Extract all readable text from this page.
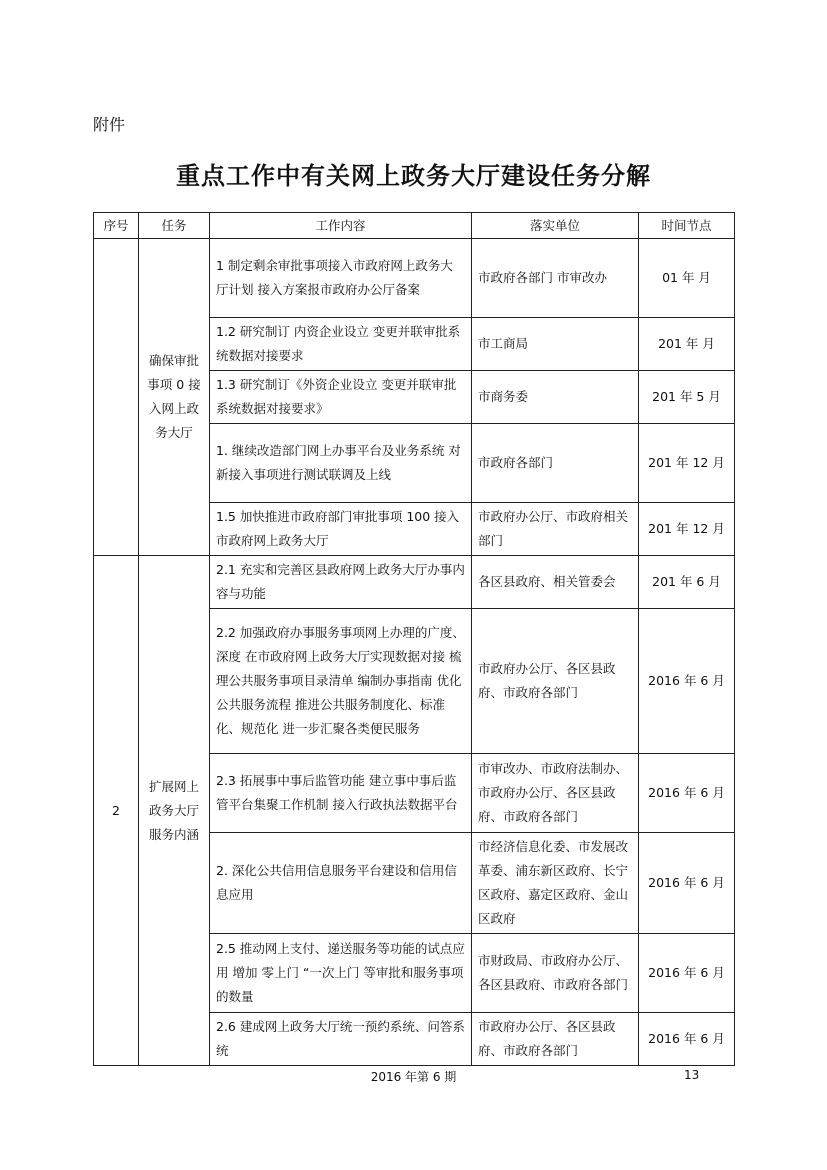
附件
重点工作中有关网上政务大厅建设任务分解
序号	任务	工作内容	落实单位	时间节点
	确保审批事项 0 接入网上政务大厅	1 制定剩余审批事项接入市政府网上政务大厅计划 接入方案报市政府办公厅备案	市政府各部门 市审改办	01 年 月
		1.2 研究制订 内资企业设立 变更并联审批系统数据对接要求	市工商局	201 年 月
		1.3 研究制订《外资企业设立 变更并联审批系统数据对接要求》	市商务委	201 年 5 月
		1. 继续改造部门网上办事平台及业务系统 对新接入事项进行测试联调及上线	市政府各部门	201 年 12 月
		1.5 加快推进市政府部门审批事项 100 接入市政府网上政务大厅	市政府办公厅、市政府相关部门	201 年 12 月
2	扩展网上政务大厅服务内涵	2.1 充实和完善区县政府网上政务大厅办事内容与功能	各区县政府、相关管委会	201 年 6 月
		2.2 加强政府办事服务事项网上办理的广度、深度 在市政府网上政务大厅实现数据对接 梳理公共服务事项目录清单 编制办事指南 优化公共服务流程 推进公共服务制度化、标准化、规范化 进一步汇聚各类便民服务	市政府办公厅、各区县政府、市政府各部门	2016 年 6 月
		2.3 拓展事中事后监管功能 建立事中事后监管平台集聚工作机制 接入行政执法数据平台	市审改办、市政府法制办、市政府办公厅、各区县政府、市政府各部门	2016 年 6 月
		2. 深化公共信用信息服务平台建设和信用信息应用	市经济信息化委、市发展改革委、浦东新区政府、长宁区政府、嘉定区政府、金山区政府	2016 年 6 月
		2.5 推动网上支付、递送服务等功能的试点应用 增加 零上门 “一次上门 等审批和服务事项的数量	市财政局、市政府办公厅、各区县政府、市政府各部门	2016 年 6 月
		2.6 建成网上政务大厅统一预约系统、问答系统	市政府办公厅、各区县政府、市政府各部门	2016 年 6 月
2016 年第 6 期	13
